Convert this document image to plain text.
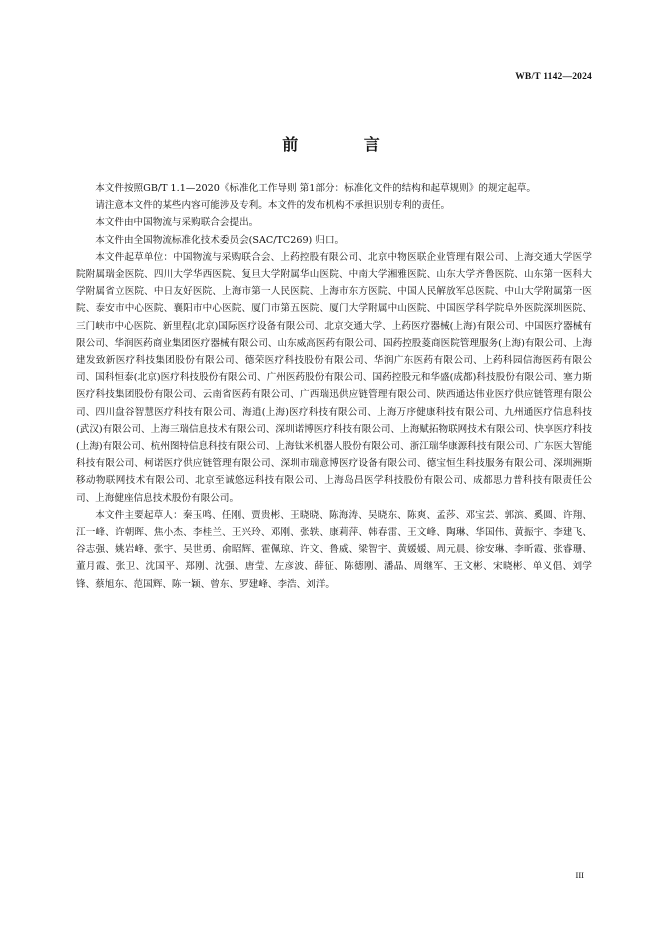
WB/T 1142—2024
前 言

本文件按照GB/T 1.1—2020《标准化工作导则 第1部分：标准化文件的结构和起草规则》的规定起草。

请注意本文件的某些内容可能涉及专利。本文件的发布机构不承担识别专利的责任。

本文件由中国物流与采购联合会提出。

本文件由全国物流标准化技术委员会(SAC/TC269) 归口。

本文件起草单位：中国物流与采购联合会、上药控股有限公司、北京中物医联企业管理有限公司、上海交通大学医学院附属瑞金医院、四川大学华西医院、复旦大学附属华山医院、中南大学湘雅医院、山东大学齐鲁医院、山东第一医科大学附属省立医院、中日友好医院、上海市第一人民医院、上海市东方医院、中国人民解放军总医院、中山大学附属第一医院、泰安市中心医院、襄阳市中心医院、厦门市第五医院、厦门大学附属中山医院、中国医学科学院阜外医院深圳医院、三门峡市中心医院、新里程(北京)国际医疗设备有限公司、北京交通大学、上药医疗器械(上海)有限公司、中国医疗器械有限公司、华润医药商业集团医疗器械有限公司、山东威高医药有限公司、国药控股菱商医院管理服务(上海)有限公司、上海建发致新医疗科技集团股份有限公司、德荣医疗科技股份有限公司、华润广东医药有限公司、上药科园信海医药有限公司、国科恒泰(北京)医疗科技股份有限公司、广州医药股份有限公司、国药控股元和华盛(成都)科技股份有限公司、塞力斯医疗科技集团股份有限公司、云南省医药有限公司、广西瑞迅供应链管理有限公司、陕西通达伟业医疗供应链管理有限公司、四川盘谷智慧医疗科技有限公司、海逍(上海)医疗科技有限公司、上海万序健康科技有限公司、九州通医疗信息科技(武汉)有限公司、上海三瑞信息技术有限公司、深圳诺博医疗科技有限公司、上海赋拓物联网技术有限公司、快享医疗科技(上海)有限公司、杭州图特信息科技有限公司、上海钛米机器人股份有限公司、浙江瑞华康源科技有限公司、广东医大智能科技有限公司、柯诺医疗供应链管理有限公司、深圳市瑞意博医疗设备有限公司、德宝恒生科技服务有限公司、深圳洲斯移动物联网技术有限公司、北京至诚悠远科技有限公司、上海岛昌医学科技股份有限公司、成都思力普科技有限责任公司、上海健座信息技术股份有限公司。

本文件主要起草人：秦玉鸣、任刚、贾贵彬、王晓晓、陈海涛、吴晓东、陈爽、孟莎、邓宝芸、郭滨、奚圆、许翔、江一峰、许朝晖、焦小杰、李桂兰、王兴玲、邓刚、张轶、康莉萍、韩春雷、王文峰、陶琳、华国伟、黄振宇、李建飞、谷志强、姚岩峰、张宇、吴世勇、俞昭辉、霍佩琼、许文、鲁威、梁智宇、黄媛媛、周元晨、徐安琳、李昕霞、张睿珊、董月霞、张卫、沈国平、郑刚、沈强、唐莹、左彦波、薛征、陈德刚、潘晶、周继军、王文彬、宋晓彬、单义倡、刘学锋、蔡旭东、范国辉、陈一颖、曾东、罗建峰、李浩、刘洋。

III
